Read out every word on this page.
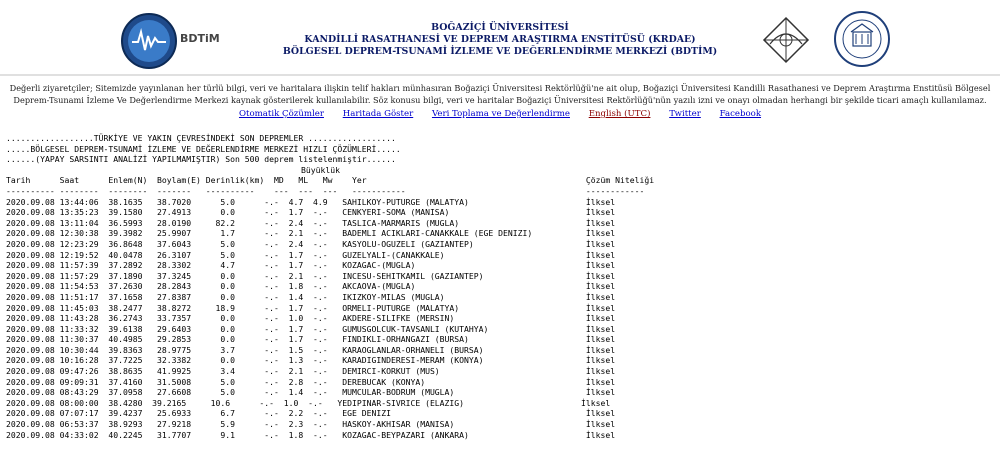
BDTiM
BOĞAZİÇİ ÜNİVERSİTESİ
KANDİLLİ RASATHANESİ VE DEPREM ARAŞTIRMA ENSTİTÜSÜ (KRDAE)
BÖLGESEL DEPREM-TSUNAMİ İZLEME VE DEĞERLENDİRME MERKEZİ (BDTİM)
Değerli ziyaretçiler; Sitemizde yayınlanan her türlü bilgi, veri ve haritalara ilişkin telif hakları münhasıran Boğaziçi Üniversitesi Rektörlüğü'ne ait olup, Boğaziçi Üniversitesi Kandilli Rasathanesi ve Deprem Araştırma Enstitüsü Bölgesel Deprem-Tsunami İzleme Ve Değerlendirme Merkezi kaynak gösterilerek kullanılabilir. Söz konusu bilgi, veri ve haritalar Boğaziçi Üniversitesi Rektörlüğü'nün yazılı izni ve onayı olmadan herhangi bir şekilde ticari amaçlı kullanılamaz.
Otomatik Çözümler Haritada Göster Veri Toplama ve Değerlendirme English (UTC) Twitter Facebook
..................TÜRKİYE VE YAKIN ÇEVRESİNDEKİ SON DEPREMLER ..................
.....BÖLGESEL DEPREM-TSUNAMİ İZLEME VE DEĞERLENDİRME MERKEZİ HIZLI ÇÖZÜMLERİ.....
......(YAPAY SARSINTI ANALİZİ YAPILMAMIŞTIR) Son 500 deprem listelenmiştir......
Büyüklük
Tarih      Saat      Enlem(N)  Boylam(E) Derinlik(km)  MD   ML   Mw    Yer                                             Çözüm Niteliği
---------- --------  --------  -------   ----------    ---  ---  ---   -----------                                     ------------
2020.09.08 13:44:06  38.1635   38.7020      5.0      -.-  4.7  4.9   SAHILKOY-PUTURGE (MALATYA)                        İlksel
2020.09.08 13:35:23  39.1580   27.4913      0.0      -.-  1.7  -.-   CENKYERI-SOMA (MANISA)                            İlksel
2020.09.08 13:11:04  36.5993   28.0190     82.2      -.-  2.4  -.-   TASLICA-MARMARIS (MUGLA)                          İlksel
2020.09.08 12:30:38  39.3982   25.9907      1.7      -.-  2.1  -.-   BADEMLI ACIKLARI-CANAKKALE (EGE DENIZI)           İlksel
2020.09.08 12:23:29  36.8648   37.6043      5.0      -.-  2.4  -.-   KASYOLU-OGUZELI (GAZIANTEP)                       İlksel
2020.09.08 12:19:52  40.0478   26.3107      5.0      -.-  1.7  -.-   GUZELYALI-(CANAKKALE)                             İlksel
2020.09.08 11:57:39  37.2892   28.3302      4.7      -.-  1.7  -.-   KOZAGAC-(MUGLA)                                   İlksel
2020.09.08 11:57:29  37.1890   37.3245      0.0      -.-  2.1  -.-   INCESU-SEHITKAMIL (GAZIANTEP)                     İlksel
2020.09.08 11:54:53  37.2630   28.2843      0.0      -.-  1.8  -.-   AKCAOVA-(MUGLA)                                   İlksel
2020.09.08 11:51:17  37.1658   27.8387      0.0      -.-  1.4  -.-   IKIZKOY-MILAS (MUGLA)                             İlksel
2020.09.08 11:45:03  38.2477   38.8272     18.9      -.-  1.7  -.-   ORMELI-PUTURGE (MALATYA)                          İlksel
2020.09.08 11:43:28  36.2743   33.7357      0.0      -.-  1.0  -.-   AKDERE-SILIFKE (MERSIN)                           İlksel
2020.09.08 11:33:32  39.6138   29.6403      0.0      -.-  1.7  -.-   GUMUSGOLCUK-TAVSANLI (KUTAHYA)                    İlksel
2020.09.08 11:30:37  40.4985   29.2853      0.0      -.-  1.7  -.-   FINDIKLI-ORHANGAZI (BURSA)                        İlksel
2020.09.08 10:30:44  39.8363   28.9775      3.7      -.-  1.5  -.-   KARAOGLANLAR-ORHANELI (BURSA)                     İlksel
2020.09.08 10:16:28  37.7225   32.3382      0.0      -.-  1.3  -.-   KARADIGINDERESI-MERAM (KONYA)                     İlksel
2020.09.08 09:47:26  38.8635   41.9925      3.4      -.-  2.1  -.-   DEMIRCI-KORKUT (MUS)                              İlksel
2020.09.08 09:09:31  37.4160   31.5008      5.0      -.-  2.8  -.-   DEREBUCAK (KONYA)                                 İlksel
2020.09.08 08:43:29  37.0958   27.6608      5.0      -.-  1.4  -.-   MUMCULAR-BODRUM (MUGLA)                           İlksel
2020.09.08 08:00:00  38.4280  39.2165     10.6      -.-  1.0  -.-   YEDIPINAR-SIVRICE (ELAZIG)                        İlksel
2020.09.08 07:07:17  39.4237   25.6933      6.7      -.-  2.2  -.-   EGE DENIZI                                        İlksel
2020.09.08 06:53:37  38.9293   27.9218      5.9      -.-  2.3  -.-   HASKOY-AKHISAR (MANISA)                           İlksel
2020.09.08 04:33:02  40.2245   31.7707      9.1      -.-  1.8  -.-   KOZAGAC-BEYPAZARI (ANKARA)                        İlksel
